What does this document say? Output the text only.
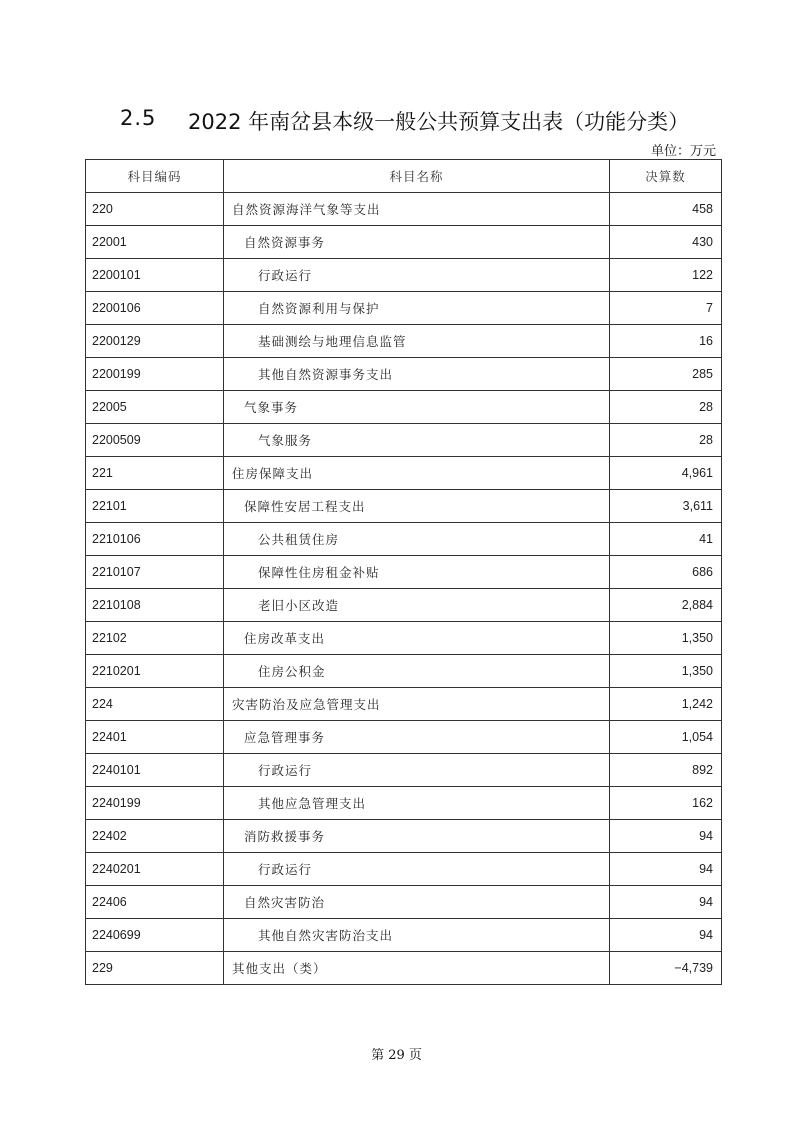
2.5 2022 年南岔县本级一般公共预算支出表（功能分类）
单位：万元
科目编码	科目名称	决算数
220	自然资源海洋气象等支出	458
22001	自然资源事务	430
2200101	行政运行	122
2200106	自然资源利用与保护	7
2200129	基础测绘与地理信息监管	16
2200199	其他自然资源事务支出	285
22005	气象事务	28
2200509	气象服务	28
221	住房保障支出	4,961
22101	保障性安居工程支出	3,611
2210106	公共租赁住房	41
2210107	保障性住房租金补贴	686
2210108	老旧小区改造	2,884
22102	住房改革支出	1,350
2210201	住房公积金	1,350
224	灾害防治及应急管理支出	1,242
22401	应急管理事务	1,054
2240101	行政运行	892
2240199	其他应急管理支出	162
22402	消防救援事务	94
2240201	行政运行	94
22406	自然灾害防治	94
2240699	其他自然灾害防治支出	94
229	其他支出（类）	−4,739
第 29 页
